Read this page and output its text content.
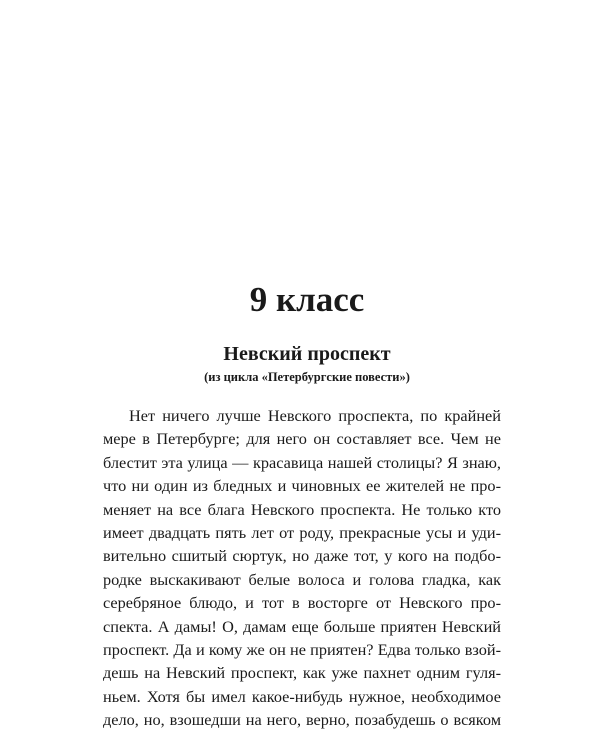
9 класс
Невский проспект

(из цикла «Петербургские повести»)

Нет ничего лучше Невского проспекта, по крайней
мере в Петербурге; для него он составляет все. Чем не
блестит эта улица — красавица нашей столицы? Я знаю,
что ни один из бледных и чиновных ее жителей не про-
меняет на все блага Невского проспекта. Не только кто
имеет двадцать пять лет от роду, прекрасные усы и уди-
вительно сшитый сюртук, но даже тот, у кого на подбо-
родке выскакивают белые волоса и голова гладка, как
серебряное блюдо, и тот в восторге от Невского про-
спекта. А дамы! О, дамам еще больше приятен Невский
проспект. Да и кому же он не приятен? Едва только взой-
дешь на Невский проспект, как уже пахнет одним гуля-
ньем. Хотя бы имел какое-нибудь нужное, необходимое
дело, но, взошедши на него, верно, позабудешь о всяком
